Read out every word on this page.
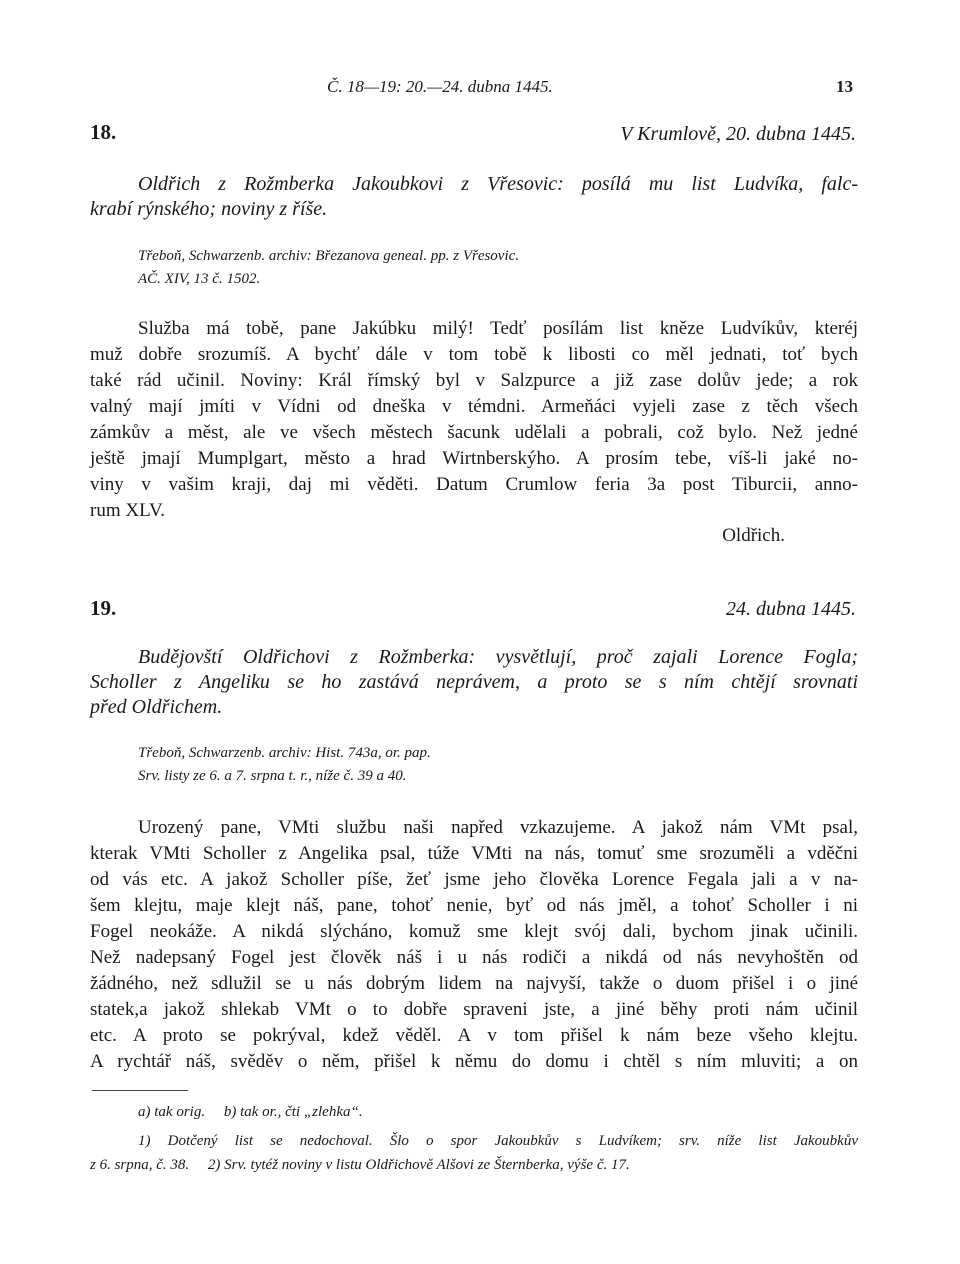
Č. 18—19: 20.—24. dubna 1445.	13
18.	V Krumlově, 20. dubna 1445.
Oldřich z Rožmberka Jakoubkovi z Vřesovic: posílá mu list Ludvíka, falc-
krabí rýnského; noviny z říše.
Třeboň, Schwarzenb. archiv: Březanova geneal. pp. z Vřesovic.
AČ. XIV, 13 č. 1502.
Služba má tobě, pane Jakúbku milý! Tedť posílám list kněze Ludvíkův, kteréj
muž dobře srozumíš. A bychť dále v tom tobě k libosti co měl jednati, toť bych
také rád učinil. Noviny: Král římský byl v Salzpurce a již zase dolův jede; a rok
valný mají jmíti v Vídni od dneška v témdni. Armeňáci vyjeli zase z těch všech
zámkův a měst, ale ve všech městech šacunk udělali a pobrali, což bylo. Než jedné
ještě jmají Mumplgart, město a hrad Wirtnberskýho. A prosím tebe, víš-li jaké no-
viny v vašim kraji, daj mi věděti. Datum Crumlow feria 3a post Tiburcii, anno-
rum XLV.
Oldřich.
19.	24. dubna 1445.
Budějovští Oldřichovi z Rožmberka: vysvětlují, proč zajali Lorence Fogla;
Scholler z Angeliku se ho zastává neprávem, a proto se s ním chtějí srovnati
před Oldřichem.
Třeboň, Schwarzenb. archiv: Hist. 743a, or. pap.
Srv. listy ze 6. a 7. srpna t. r., níže č. 39 a 40.
Urozený pane, VMti službu naši napřed vzkazujeme. A jakož nám VMt psal,
kterak VMti Scholler z Angelika psal, túže VMti na nás, tomuť sme srozuměli a vděčni
od vás etc. A jakož Scholler píše, žeť jsme jeho člověka Lorence Fegala jali a v na-
šem klejtu, maje klejt náš, pane, tohoť nenie, byť od nás jměl, a tohoť Scholler i ni
Fogel neokáže. A nikdá slýcháno, komuž sme klejt svój dali, bychom jinak učinili.
Než nadepsaný Fogel jest člověk náš i u nás rodiči a nikdá od nás nevyhoštěn od
žádného, než sdlužil se u nás dobrým lidem na najvyší, takže o duom přišel i o jiné
statek,a jakož shlekab VMt o to dobře spraveni jste, a jiné běhy proti nám učinil
etc. A proto se pokrýval, kdež věděl. A v tom přišel k nám beze všeho klejtu.
A rychtář náš, svěděv o něm, přišel k němu do domu i chtěl s ním mluviti; a on
a) tak orig.     b) tak or., čti „zlehka“.
1) Dotčený list se nedochoval. Šlo o spor Jakoubkův s Ludvíkem; srv. níže list Jakoubkův
z 6. srpna, č. 38.     2) Srv. tytéž noviny v listu Oldřichově Alšovi ze Šternberka, výše č. 17.
